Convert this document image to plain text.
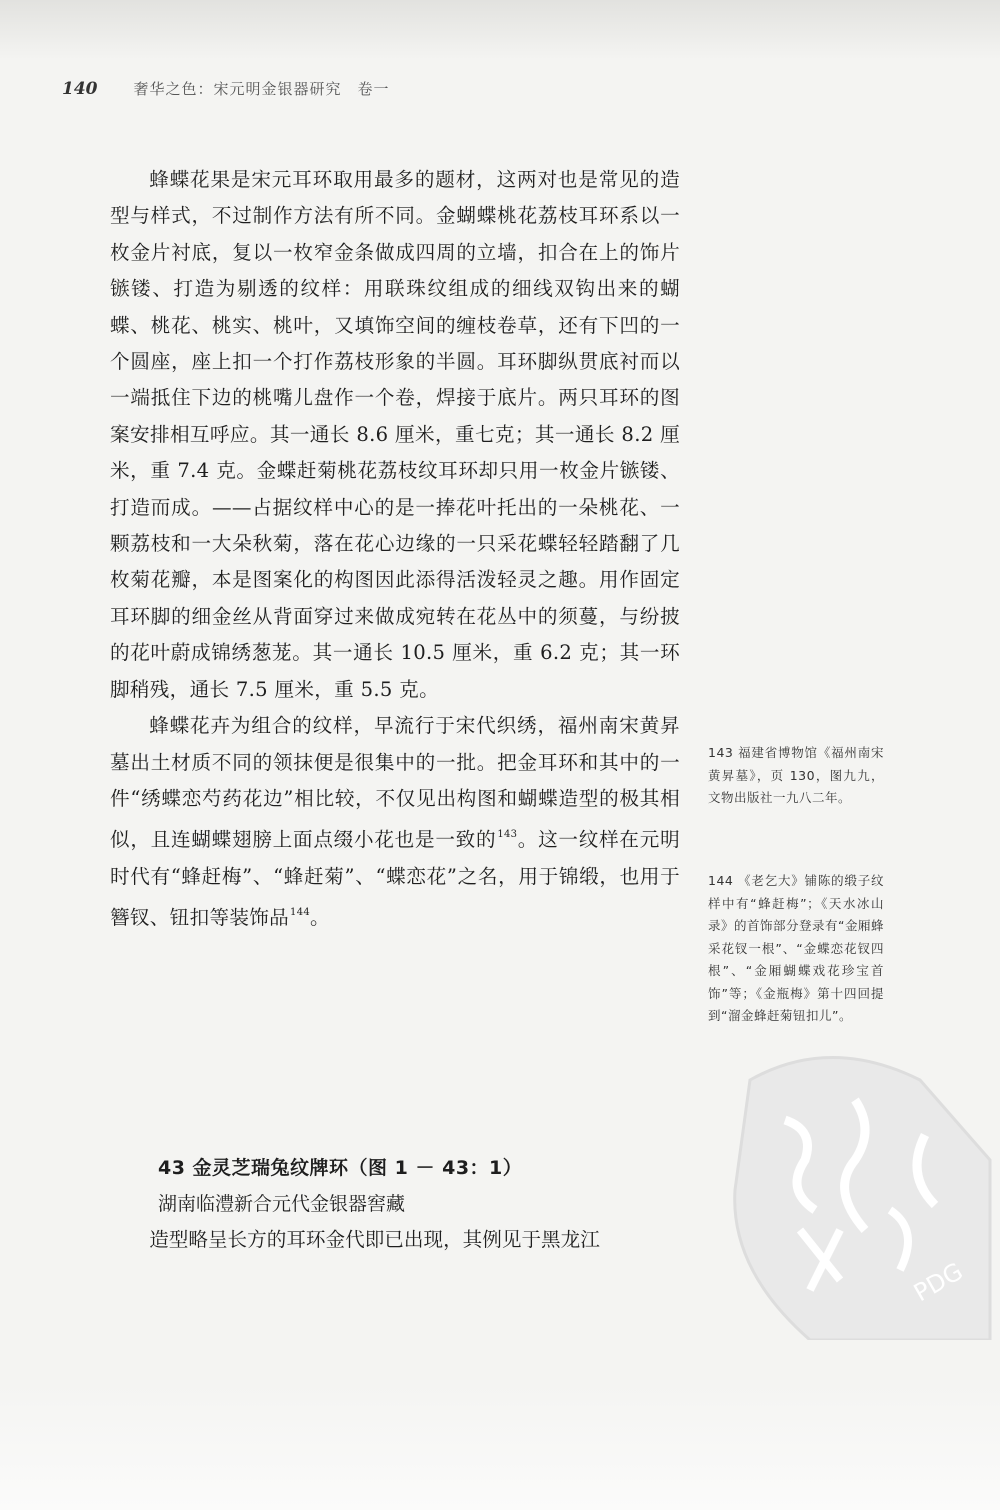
140 奢华之色：宋元明金银器研究　卷一

蜂蝶花果是宋元耳环取用最多的题材，这两对也是常见的造型与样式，不过制作方法有所不同。金蝴蝶桃花荔枝耳环系以一枚金片衬底，复以一枚窄金条做成四周的立墙，扣合在上的饰片镞镂、打造为剔透的纹样：用联珠纹组成的细线双钩出来的蝴蝶、桃花、桃实、桃叶，又填饰空间的缠枝卷草，还有下凹的一个圆座，座上扣一个打作荔枝形象的半圆。耳环脚纵贯底衬而以一端抵住下边的桃嘴儿盘作一个卷，焊接于底片。两只耳环的图案安排相互呼应。其一通长 8.6 厘米，重七克；其一通长 8.2 厘米，重 7.4 克。金蝶赶菊桃花荔枝纹耳环却只用一枚金片镞镂、打造而成。——占据纹样中心的是一捧花叶托出的一朵桃花、一颗荔枝和一大朵秋菊，落在花心边缘的一只采花蝶轻轻踏翻了几枚菊花瓣，本是图案化的构图因此添得活泼轻灵之趣。用作固定耳环脚的细金丝从背面穿过来做成宛转在花丛中的须蔓，与纷披的花叶蔚成锦绣葱茏。其一通长 10.5 厘米，重 6.2 克；其一环脚稍残，通长 7.5 厘米，重 5.5 克。

蜂蝶花卉为组合的纹样，早流行于宋代织绣，福州南宋黄昇墓出土材质不同的领抹便是很集中的一批。把金耳环和其中的一件“绣蝶恋芍药花边”相比较，不仅见出构图和蝴蝶造型的极其相似，且连蝴蝶翅膀上面点缀小花也是一致的$^{143}$。这一纹样在元明时代有“蜂赶梅”、“蜂赶菊”、“蝶恋花”之名，用于锦缎，也用于簪钗、钮扣等装饰品$^{144}$。

43 金灵芝瑞兔纹牌环（图 1 － 43：1）
湖南临澧新合元代金银器窖藏

造型略呈长方的耳环金代即已出现，其例见于黑龙江

143 福建省博物馆《福州南宋黄昇墓》，页 130，图九九，文物出版社一九八二年。
144 《老乞大》铺陈的缎子纹样中有“蜂赶梅”；《天水冰山录》的首饰部分登录有“金厢蜂采花钗一根”、“金蝶恋花钗四根”、“金厢蝴蝶戏花珍宝首饰”等；《金瓶梅》第十四回提到“溜金蜂赶菊钮扣儿”。
PDG
